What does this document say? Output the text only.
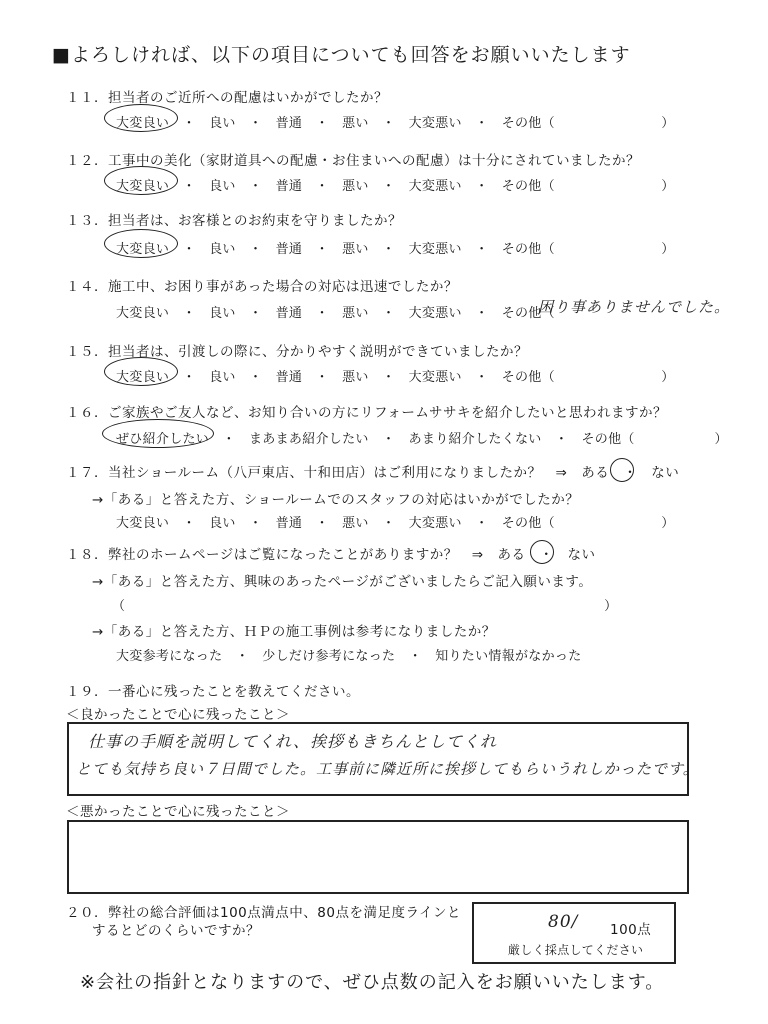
■よろしければ、以下の項目についても回答をお願いいたします
１１．担当者のご近所への配慮はいかがでしたか？
大変良い　・　良い　・　普通　・　悪い　・　大変悪い　・　その他（　　　　　　　　）
１２．工事中の美化（家財道具への配慮・お住まいへの配慮）は十分にされていましたか？
大変良い　・　良い　・　普通　・　悪い　・　大変悪い　・　その他（　　　　　　　　）
１３．担当者は、お客様とのお約束を守りましたか？
大変良い　・　良い　・　普通　・　悪い　・　大変悪い　・　その他（　　　　　　　　）
１４．施工中、お困り事があった場合の対応は迅速でしたか？
大変良い　・　良い　・　普通　・　悪い　・　大変悪い　・　その他（
困り事ありませんでした。
１５．担当者は、引渡しの際に、分かりやすく説明ができていましたか？
大変良い　・　良い　・　普通　・　悪い　・　大変悪い　・　その他（　　　　　　　　）
１６．ご家族やご友人など、お知り合いの方にリフォームササキを紹介したいと思われますか？
ぜひ紹介したい　・　まあまあ紹介したい　・　あまり紹介したくない　・　その他（　　　　　　）
１７．当社ショールーム（八戸東店、十和田店）はご利用になりましたか？　⇒　ある　・　ない
→「ある」と答えた方、ショールームでのスタッフの対応はいかがでしたか？
大変良い　・　良い　・　普通　・　悪い　・　大変悪い　・　その他（　　　　　　　　）
１８．弊社のホームページはご覧になったことがありますか？　⇒　ある　・　ない
→「ある」と答えた方、興味のあったページがございましたらご記入願います。
（　　　　　　　　　　　　　　　　　　　　　　　　　　　　　　　　　　　　）
→「ある」と答えた方、ＨＰの施工事例は参考になりましたか？
大変参考になった　・　少しだけ参考になった　・　知りたい情報がなかった
１９．一番心に残ったことを教えてください。
＜良かったことで心に残ったこと＞
仕事の手順を説明してくれ、挨拶もきちんとしてくれ
とても気持ち良い７日間でした。工事前に隣近所に挨拶してもらいうれしかったです。
＜悪かったことで心に残ったこと＞
２０．弊社の総合評価は100点満点中、80点を満足度ラインと
するとどのくらいですか？	80/ 100点
厳しく採点してください
※会社の指針となりますので、ぜひ点数の記入をお願いいたします。
